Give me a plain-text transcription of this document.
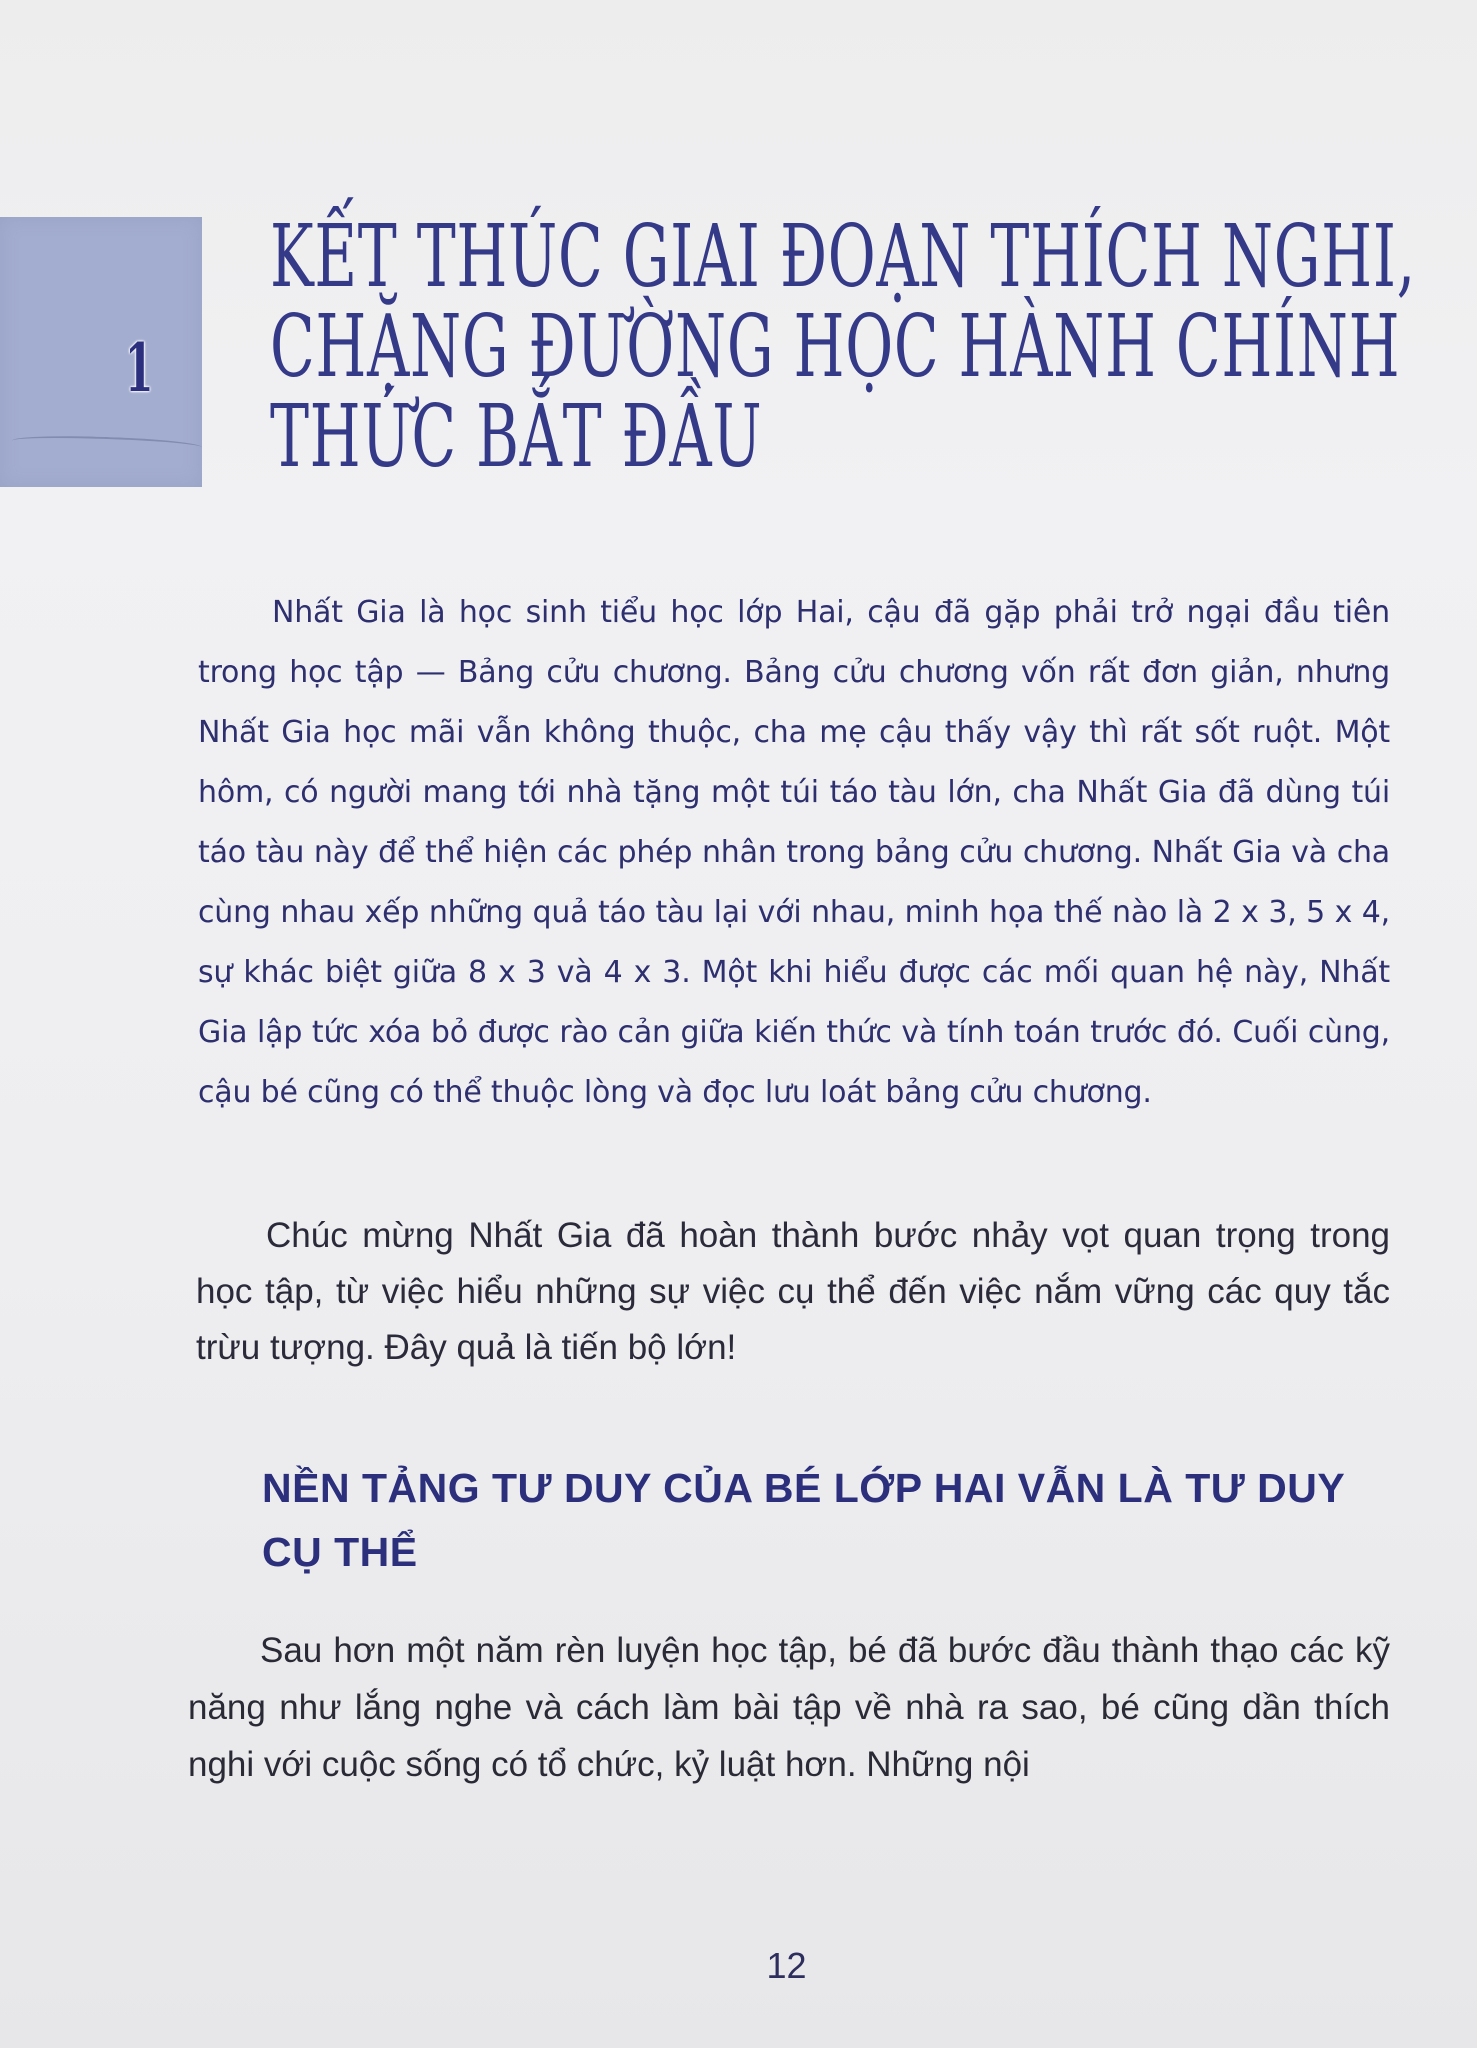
1
KẾT THÚC GIAI ĐOẠN THÍCH NGHI,
CHẶNG ĐƯỜNG HỌC HÀNH CHÍNH
THỨC BẮT ĐẦU

Nhất Gia là học sinh tiểu học lớp Hai, cậu đã gặp phải trở ngại đầu tiên trong học tập — Bảng cửu chương. Bảng cửu chương vốn rất đơn giản, nhưng Nhất Gia học mãi vẫn không thuộc, cha mẹ cậu thấy vậy thì rất sốt ruột. Một hôm, có người mang tới nhà tặng một túi táo tàu lớn, cha Nhất Gia đã dùng túi táo tàu này để thể hiện các phép nhân trong bảng cửu chương. Nhất Gia và cha cùng nhau xếp những quả táo tàu lại với nhau, minh họa thế nào là 2 x 3, 5 x 4, sự khác biệt giữa 8 x 3 và 4 x 3. Một khi hiểu được các mối quan hệ này, Nhất Gia lập tức xóa bỏ được rào cản giữa kiến thức và tính toán trước đó. Cuối cùng, cậu bé cũng có thể thuộc lòng và đọc lưu loát bảng cửu chương.

Chúc mừng Nhất Gia đã hoàn thành bước nhảy vọt quan trọng trong học tập, từ việc hiểu những sự việc cụ thể đến việc nắm vững các quy tắc trừu tượng. Đây quả là tiến bộ lớn!

NỀN TẢNG TƯ DUY CỦA BÉ LỚP HAI VẪN LÀ TƯ DUY CỤ THỂ

Sau hơn một năm rèn luyện học tập, bé đã bước đầu thành thạo các kỹ năng như lắng nghe và cách làm bài tập về nhà ra sao, bé cũng dần thích nghi với cuộc sống có tổ chức, kỷ luật hơn. Những nội

12
